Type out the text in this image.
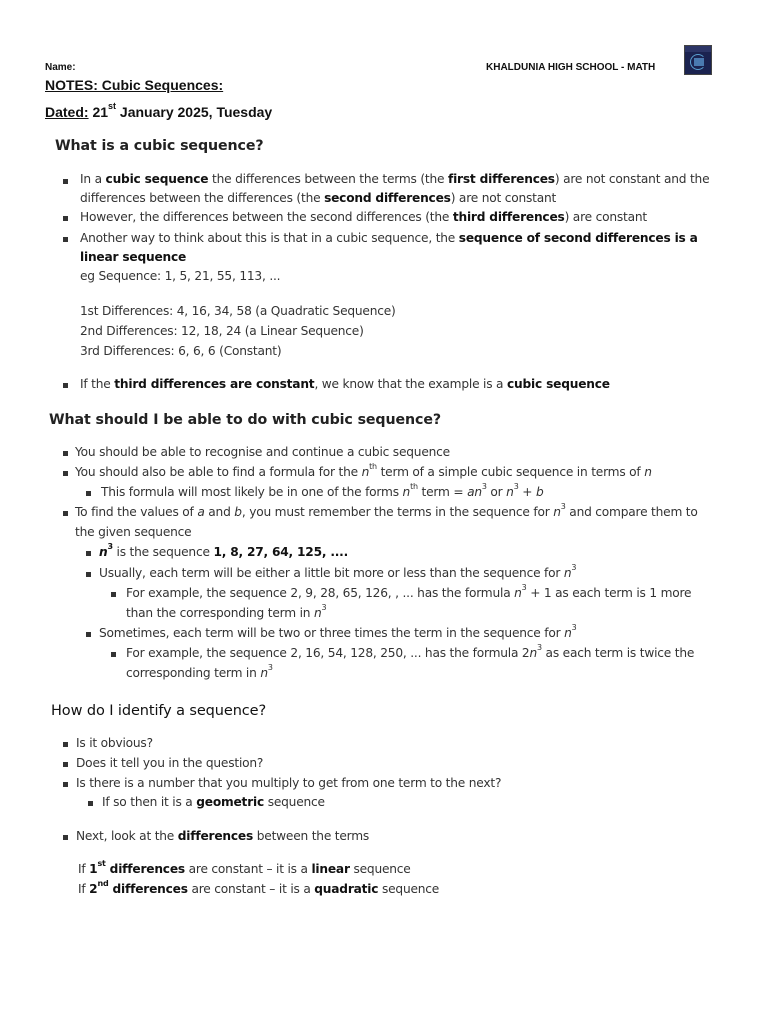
Name:	KHALDUNIA HIGH SCHOOL - MATH
NOTES: Cubic Sequences:
Dated: 21st January 2025, Tuesday
What is a cubic sequence?
In a cubic sequence the differences between the terms (the first differences) are not constant and the
differences between the differences (the second differences) are not constant
However, the differences between the second differences (the third differences) are constant
Another way to think about this is that in a cubic sequence, the sequence of second differences is a
linear sequence
eg Sequence: 1, 5, 21, 55, 113, ...
1st Differences: 4, 16, 34, 58 (a Quadratic Sequence)
2nd Differences: 12, 18, 24 (a Linear Sequence)
3rd Differences: 6, 6, 6 (Constant)
If the third differences are constant, we know that the example is a cubic sequence
What should I be able to do with cubic sequence?
You should be able to recognise and continue a cubic sequence
You should also be able to find a formula for the $n^{th}$ term of a simple cubic sequence in terms of n
This formula will most likely be in one of the forms $n^{th}$ term = $an^3$ or $n^3 + b$
To find the values of a and b, you must remember the terms in the sequence for $n^3$ and compare them to
the given sequence
$n^3$ is the sequence 1, 8, 27, 64, 125, ....
Usually, each term will be either a little bit more or less than the sequence for $n^3$
For example, the sequence 2, 9, 28, 65, 126, , ... has the formula $n^3 + 1$ as each term is 1 more
than the corresponding term in $n^3$
Sometimes, each term will be two or three times the term in the sequence for $n^3$
For example, the sequence 2, 16, 54, 128, 250, ... has the formula $2n^3$ as each term is twice the
corresponding term in $n^3$
How do I identify a sequence?
Is it obvious?
Does it tell you in the question?
Is there is a number that you multiply to get from one term to the next?
If so then it is a geometric sequence
Next, look at the differences between the terms
If 1st differences are constant – it is a linear sequence
If 2nd differences are constant – it is a quadratic sequence
